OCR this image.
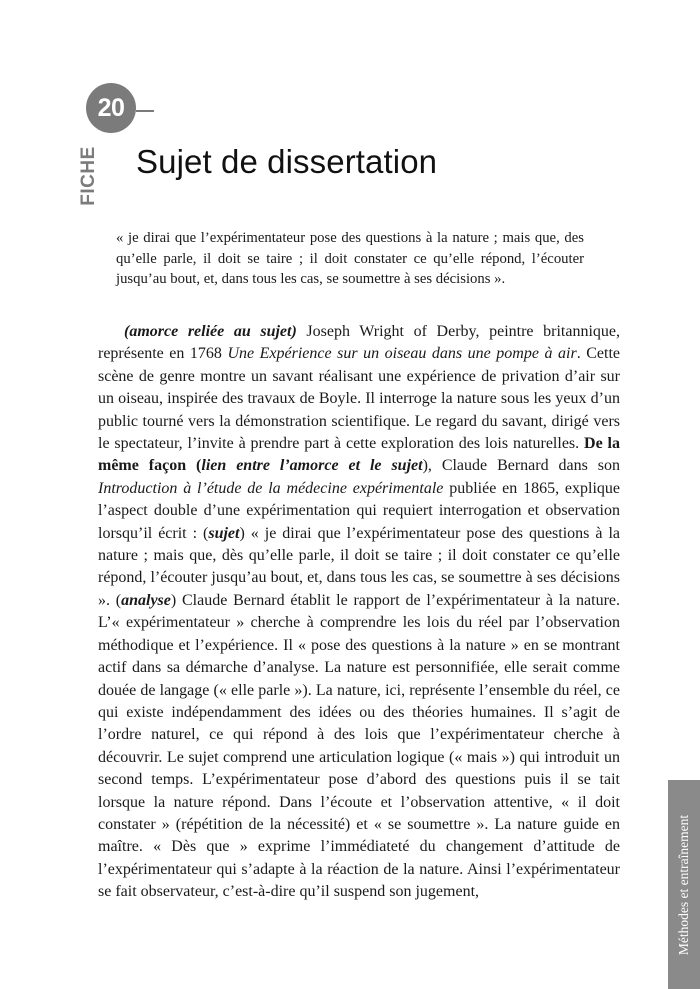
20
FICHE Sujet de dissertation

« je dirai que l’expérimentateur pose des questions à la nature ; mais que, des qu’elle parle, il doit se taire ; il doit constater ce qu’elle répond, l’écouter jusqu’au bout, et, dans tous les cas, se soumettre à ses décisions ».

(amorce reliée au sujet) Joseph Wright of Derby, peintre britannique, représente en 1768 Une Expérience sur un oiseau dans une pompe à air. Cette scène de genre montre un savant réalisant une expérience de privation d’air sur un oiseau, inspirée des travaux de Boyle. Il interroge la nature sous les yeux d’un public tourné vers la démonstration scientifique. Le regard du savant, dirigé vers le spectateur, l’invite à prendre part à cette exploration des lois naturelles. De la même façon (lien entre l’amorce et le sujet), Claude Bernard dans son Introduction à l’étude de la médecine expérimentale publiée en 1865, explique l’aspect double d’une expérimentation qui requiert interrogation et observation lorsqu’il écrit : (sujet) « je dirai que l’expérimentateur pose des questions à la nature ; mais que, dès qu’elle parle, il doit se taire ; il doit constater ce qu’elle répond, l’écouter jusqu’au bout, et, dans tous les cas, se soumettre à ses décisions ». (analyse) Claude Bernard établit le rapport de l’expérimentateur à la nature. L’« expérimentateur » cherche à comprendre les lois du réel par l’observation méthodique et l’expérience. Il « pose des questions à la nature » en se montrant actif dans sa démarche d’analyse. La nature est personnifiée, elle serait comme douée de langage (« elle parle »). La nature, ici, représente l’ensemble du réel, ce qui existe indépendamment des idées ou des théories humaines. Il s’agit de l’ordre naturel, ce qui répond à des lois que l’expérimentateur cherche à découvrir. Le sujet comprend une articulation logique (« mais ») qui introduit un second temps. L’expérimentateur pose d’abord des questions puis il se tait lorsque la nature répond. Dans l’écoute et l’observation attentive, « il doit constater » (répétition de la nécessité) et « se soumettre ». La nature guide en maître. « Dès que » exprime l’immédiateté du changement d’attitude de l’expérimentateur qui s’adapte à la réaction de la nature. Ainsi l’expérimentateur se fait observateur, c’est-à-dire qu’il suspend son jugement,	Méthodes et entraînement
